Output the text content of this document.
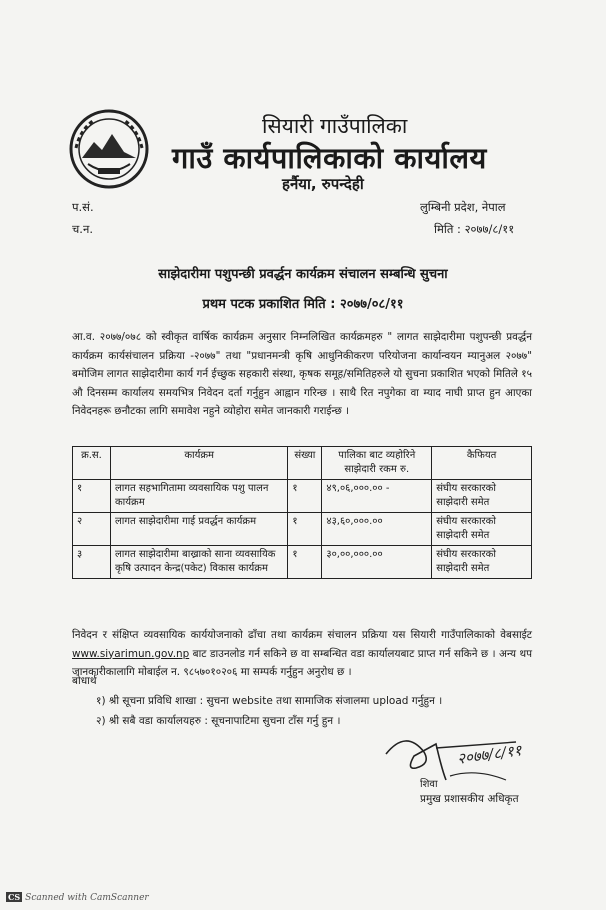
सियारी गाउँपालिका
गाउँ कार्यपालिकाको कार्यालय
हर्नैया, रुपन्देही
प.सं.
च.न.
लुम्बिनी प्रदेश, नेपाल
मिति : २०७७/८/११
साझेदारीमा पशुपन्छी प्रवर्द्धन कार्यक्रम संचालन सम्बन्धि सुचना
प्रथम पटक प्रकाशित मिति : २०७७/०८/११
आ.व. २०७७/०७८ को स्वीकृत वार्षिक कार्यक्रम अनुसार निम्नलिखित कार्यक्रमहरु " लागत साझेदारीमा पशुपन्छी प्रवर्द्धन कार्यक्रम कार्यसंचालन प्रक्रिया -२०७७" तथा "प्रधानमन्त्री कृषि आधुनिकीकरण परियोजना कार्यान्वयन म्यानुअल २०७७" बमोजिम लागत साझेदारीमा कार्य गर्न ईच्छुक सहकारी संस्था, कृषक समूह/समितिहरुले यो सुचना प्रकाशित भएको मितिले १५ औ दिनसम्म कार्यालय समयभित्र निवेदन दर्ता गर्नुहुन आह्वान गरिन्छ । साथै रित नपुगेका वा म्याद नाघी प्राप्त हुन आएका निवेदनहरू छनौटका लागि समावेश नहुने व्योहोरा समेत जानकारी गराईन्छ ।
क्र.स.	कार्यक्रम	संख्या	पालिका बाट व्यहोरिने साझेदारी रकम रु.	कैफियत
१	लागत सहभागितामा व्यवसायिक पशु पालन कार्यक्रम	१	४९,०६,०००.०० -	संघीय सरकारको साझेदारी समेत
२	लागत साझेदारीमा गाई प्रवर्द्धन कार्यक्रम	१	४३,६०,०००.००	संघीय सरकारको साझेदारी समेत
३	लागत साझेदारीमा बाख्राको साना व्यवसायिक कृषि उत्पादन केन्द्र(पकेट) विकास कार्यक्रम	१	३०,००,०००.००	संघीय सरकारको साझेदारी समेत
निवेदन र संक्षिप्त व्यवसायिक कार्ययोजनाको ढाँचा तथा कार्यक्रम संचालन प्रक्रिया यस सियारी गाउँपालिकाको वेबसाईट www.siyarimun.gov.np बाट डाउनलोड गर्न सकिने छ वा सम्बन्धित वडा कार्यालयबाट प्राप्त गर्न सकिने छ । अन्य थप जानकारीकालागि मोबाईल न. ९८५७०१०२०६ मा सम्पर्क गर्नुहुन अनुरोध छ ।
बोधार्थ
१) श्री सूचना प्रविधि शाखा : सुचना website तथा सामाजिक संजालमा upload गर्नुहुन ।
२) श्री सबै वडा कार्यालयहरु : सूचनापाटिमा सुचना टाँस गर्नु हुन ।
२०७७/८/११
शिवा
प्रमुख प्रशासकीय अधिकृत
CS Scanned with CamScanner
